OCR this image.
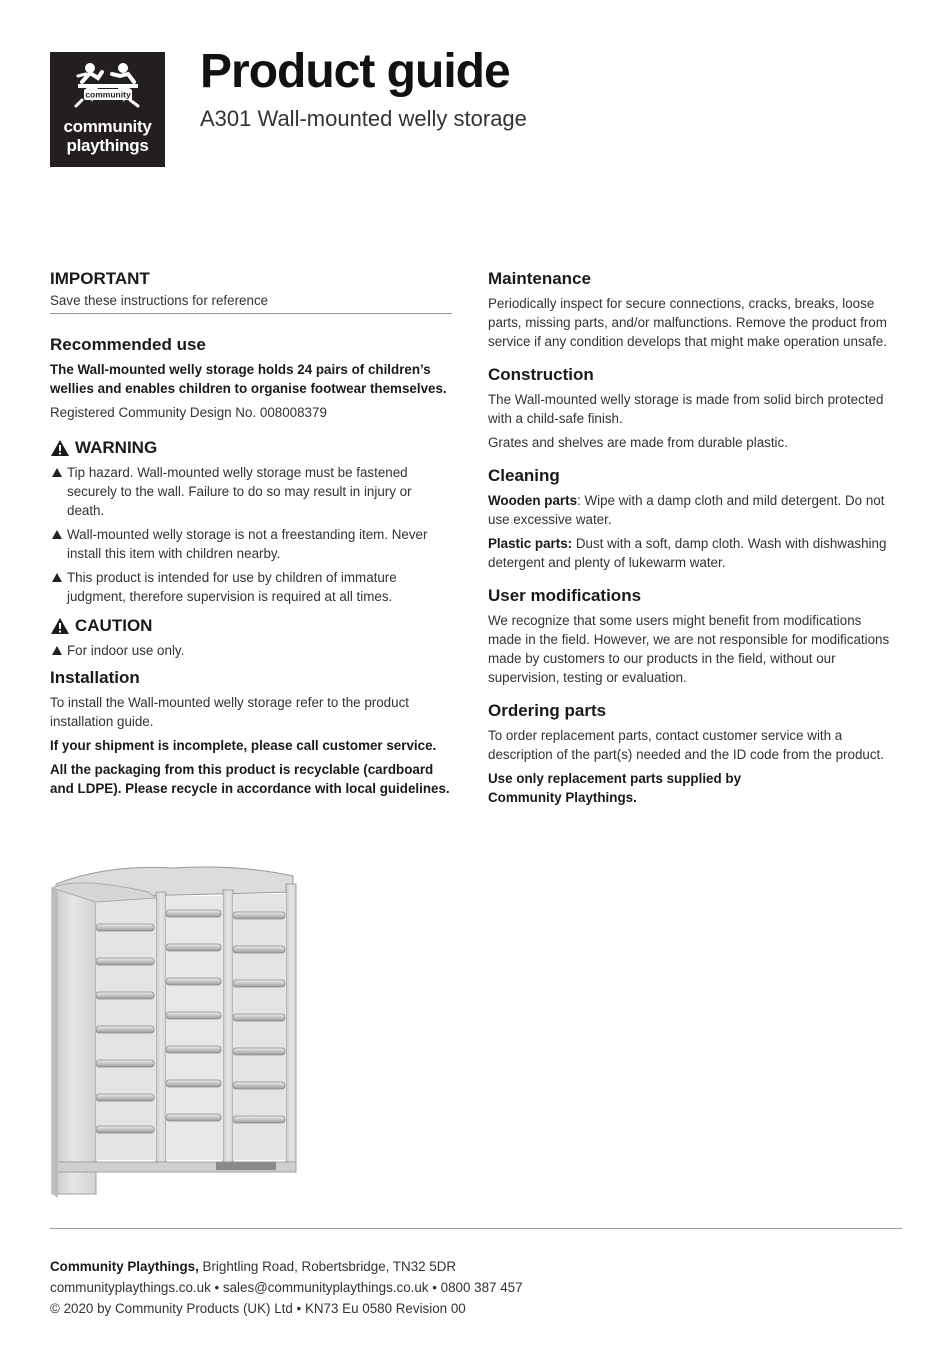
community
community
playthings
Product guide
A301 Wall-mounted welly storage
IMPORTANT

Save these instructions for reference

Recommended use

The Wall-mounted welly storage holds 24 pairs of children’s wellies and enables children to organise footwear themselves.

Registered Community Design No. 008008379

WARNING
Tip hazard. Wall-mounted welly storage must be fastened securely to the wall. Failure to do so may result in injury or death.
Wall-mounted welly storage is not a freestanding item. Never install this item with children nearby.
This product is intended for use by children of immature judgment, therefore supervision is required at all times.
CAUTION
For indoor use only.
Installation

To install the Wall-mounted welly storage refer to the product installation guide.

If your shipment is incomplete, please call customer service.

All the packaging from this product is recyclable (cardboard and LDPE). Please recycle in accordance with local guidelines.

Maintenance

Periodically inspect for secure connections, cracks, breaks, loose parts, missing parts, and/or malfunctions. Remove the product from service if any condition develops that might make operation unsafe.

Construction

The Wall-mounted welly storage is made from solid birch protected with a child-safe finish.

Grates and shelves are made from durable plastic.

Cleaning

Wooden parts: Wipe with a damp cloth and mild detergent. Do not use excessive water.

Plastic parts: Dust with a soft, damp cloth. Wash with dishwashing detergent and plenty of lukewarm water.

User modifications

We recognize that some users might benefit from modifications made in the field. However, we are not responsible for modifications made by customers to our products in the field, without our supervision, testing or evaluation.

Ordering parts

To order replacement parts, contact customer service with a description of the part(s) needed and the ID code from the product.

Use only replacement parts supplied by
Community Playthings.

Community Playthings, Brightling Road, Robertsbridge, TN32 5DR
communityplaythings.co.uk • sales@communityplaythings.co.uk • 0800 387 457
© 2020 by Community Products (UK) Ltd • KN73 Eu 0580 Revision 00
